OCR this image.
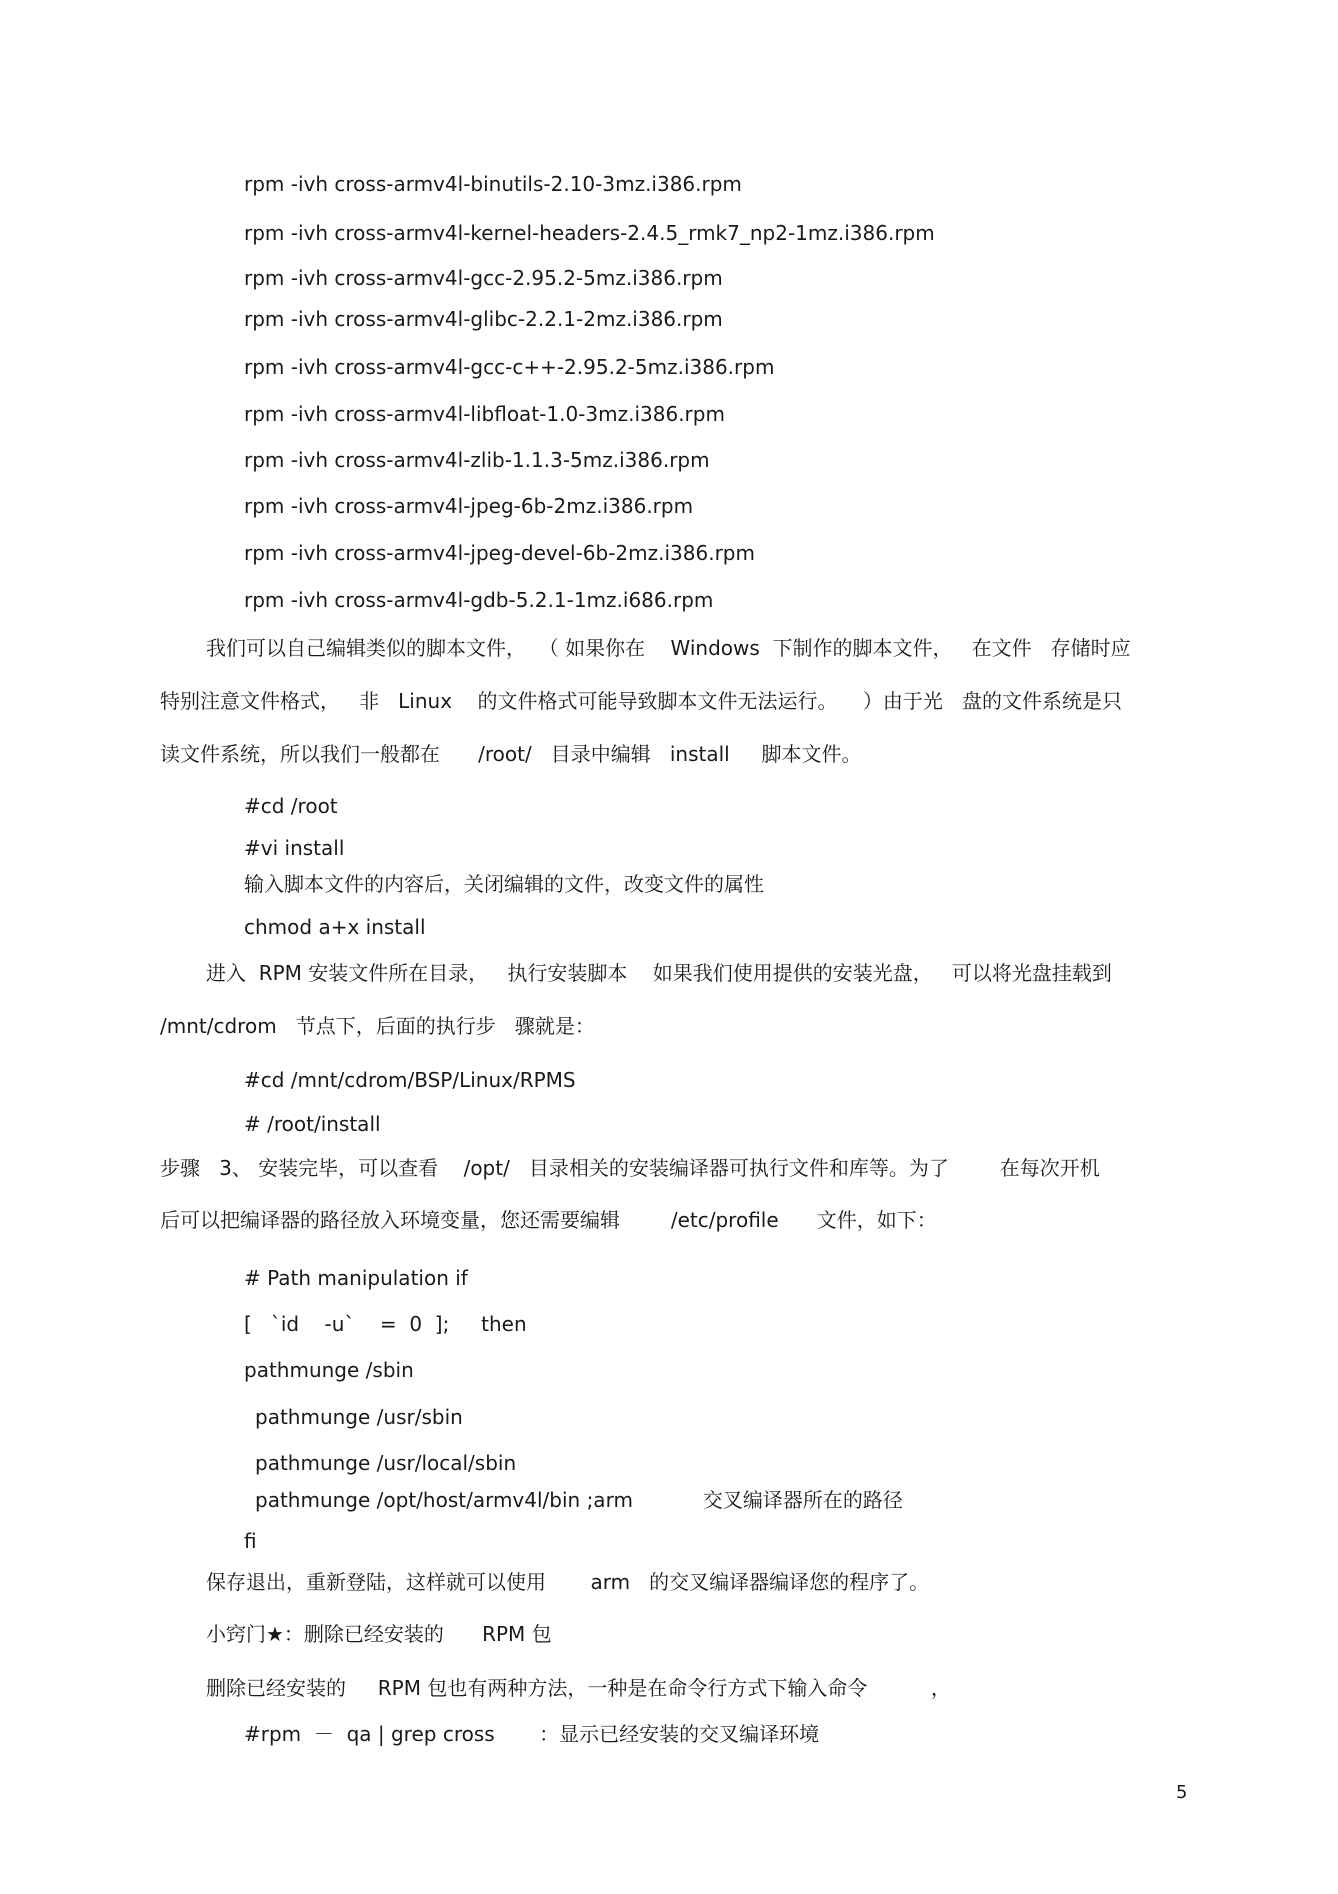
rpm -ivh cross-armv4l-binutils-2.10-3mz.i386.rpm
rpm -ivh cross-armv4l-kernel-headers-2.4.5_rmk7_np2-1mz.i386.rpm
rpm -ivh cross-armv4l-gcc-2.95.2-5mz.i386.rpm
rpm -ivh cross-armv4l-glibc-2.2.1-2mz.i386.rpm
rpm -ivh cross-armv4l-gcc-c++-2.95.2-5mz.i386.rpm
rpm -ivh cross-armv4l-libfloat-1.0-3mz.i386.rpm
rpm -ivh cross-armv4l-zlib-1.1.3-5mz.i386.rpm
rpm -ivh cross-armv4l-jpeg-6b-2mz.i386.rpm
rpm -ivh cross-armv4l-jpeg-devel-6b-2mz.i386.rpm
rpm -ivh cross-armv4l-gdb-5.2.1-1mz.i686.rpm
我们可以自己编辑类似的脚本文件，  （ 如果你在    Windows  下制作的脚本文件，   在文件   存储时应
特别注意文件格式，   非   Linux    的文件格式可能导致脚本文件无法运行。    ）由于光   盘的文件系统是只
读文件系统，所以我们一般都在      /root/   目录中编辑   install     脚本文件。
#cd /root
#vi install
输入脚本文件的内容后，关闭编辑的文件，改变文件的属性
chmod a+x install
进入  RPM 安装文件所在目录，   执行安装脚本    如果我们使用提供的安装光盘，   可以将光盘挂载到
/mnt/cdrom   节点下，后面的执行步   骤就是：
#cd /mnt/cdrom/BSP/Linux/RPMS
# /root/install
步骤   3、 安装完毕，可以查看    /opt/   目录相关的安装编译器可执行文件和库等。为了        在每次开机
后可以把编译器的路径放入环境变量，您还需要编辑        /etc/profile      文件，如下：
# Path manipulation if
[   `id    -u`    =  0  ];     then
pathmunge /sbin
pathmunge /usr/sbin
pathmunge /usr/local/sbin
pathmunge /opt/host/armv4l/bin ;arm           交叉编译器所在的路径
fi
保存退出，重新登陆，这样就可以使用       arm   的交叉编译器编译您的程序了。
小窍门★：删除已经安装的      RPM 包
删除已经安装的     RPM 包也有两种方法，一种是在命令行方式下输入命令          ，
#rpm  －  qa | grep cross       ：显示已经安装的交叉编译环境
5
